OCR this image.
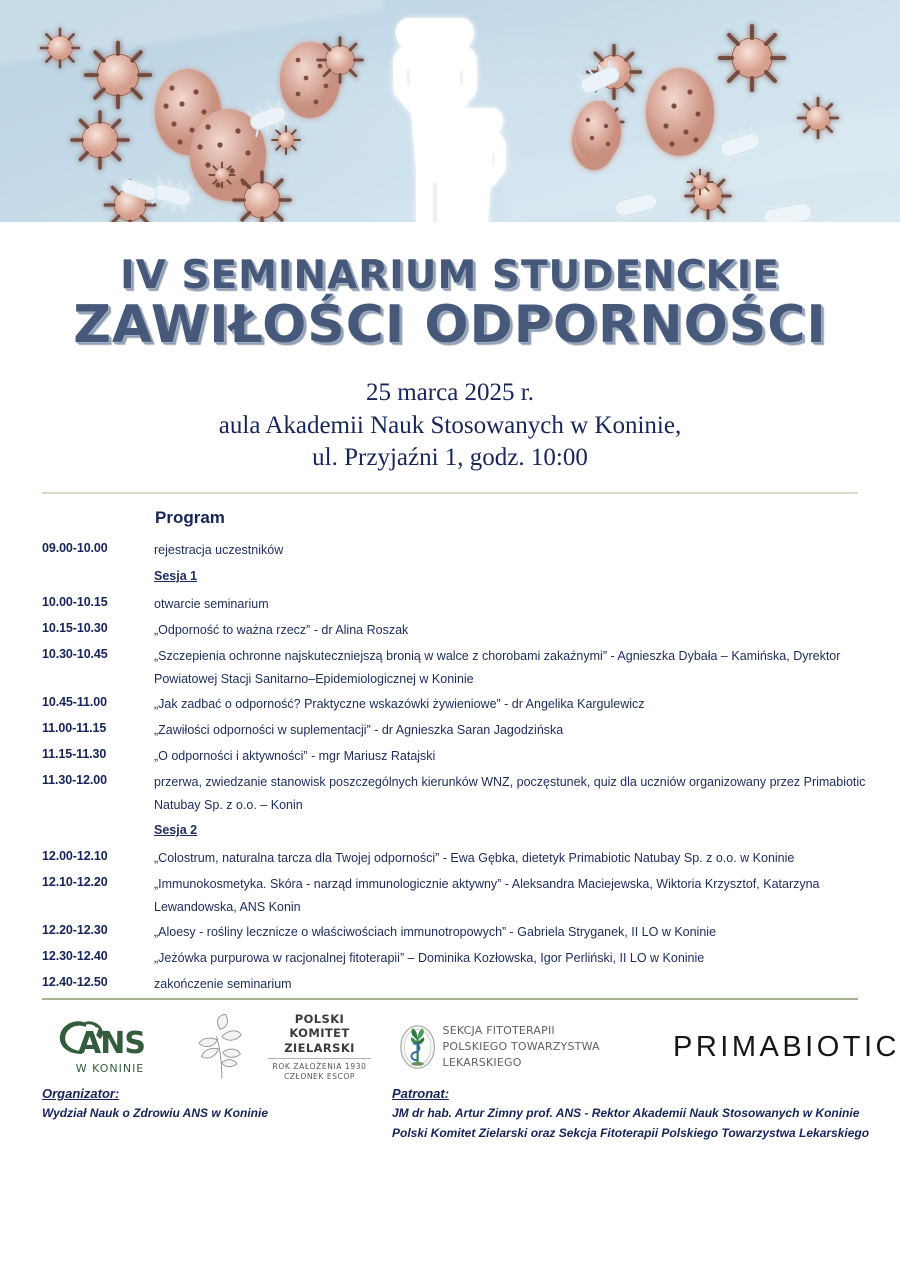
IV SEMINARIUM STUDENCKIE
ZAWIŁOŚCI ODPORNOŚCI
25 marca 2025 r.
aula Akademii Nauk Stosowanych w Koninie,
ul. Przyjaźni 1, godz. 10:00
Program
09.00-10.00	rejestracja uczestników
Sesja 1
10.00-10.15	otwarcie seminarium
10.15-10.30	„Odporność to ważna rzecz” - dr Alina Roszak
10.30-10.45	„Szczepienia ochronne najskuteczniejszą bronią w walce z chorobami zakaźnymi” - Agnieszka Dybała – Kamińska, Dyrektor Powiatowej Stacji Sanitarno–Epidemiologicznej w Koninie
10.45-11.00	„Jak zadbać o odporność? Praktyczne wskazówki żywieniowe” - dr Angelika Kargulewicz
11.00-11.15	„Zawiłości odporności w suplementacji” - dr Agnieszka Saran Jagodzińska
11.15-11.30	„O odporności i aktywności” - mgr Mariusz Ratajski
11.30-12.00	przerwa, zwiedzanie stanowisk poszczególnych kierunków WNZ, poczęstunek, quiz dla uczniów organizowany przez Primabiotic Natubay Sp. z o.o. – Konin
Sesja 2
12.00-12.10	„Colostrum, naturalna tarcza dla Twojej odporności” - Ewa Gębka, dietetyk Primabiotic Natubay Sp. z o.o. w Koninie
12.10-12.20	„Immunokosmetyka. Skóra - narząd immunologicznie aktywny” - Aleksandra Maciejewska, Wiktoria Krzysztof, Katarzyna Lewandowska, ANS Konin
12.20-12.30	„Aloesy - rośliny lecznicze o właściwościach immunotropowych” - Gabriela Stryganek, II LO w Koninie
12.30-12.40	„Jeżówka purpurowa w racjonalnej fitoterapii” – Dominika Kozłowska, Igor Perliński, II LO w Koninie
12.40-12.50	zakończenie seminarium
ANS
W KONINIE
POLSKI
KOMITET ZIELARSKI
ROK ZAŁOŻENIA 1930
CZŁONEK ESCOP
SEKCJA FITOTERAPII
POLSKIEGO TOWARZYSTWA LEKARSKIEGO	PRIMABIOTIC
Organizator:
Wydział Nauk o Zdrowiu ANS w Koninie
Patronat:
JM dr hab. Artur Zimny prof. ANS - Rektor Akademii Nauk Stosowanych w Koninie
Polski Komitet Zielarski oraz Sekcja Fitoterapii Polskiego Towarzystwa Lekarskiego
